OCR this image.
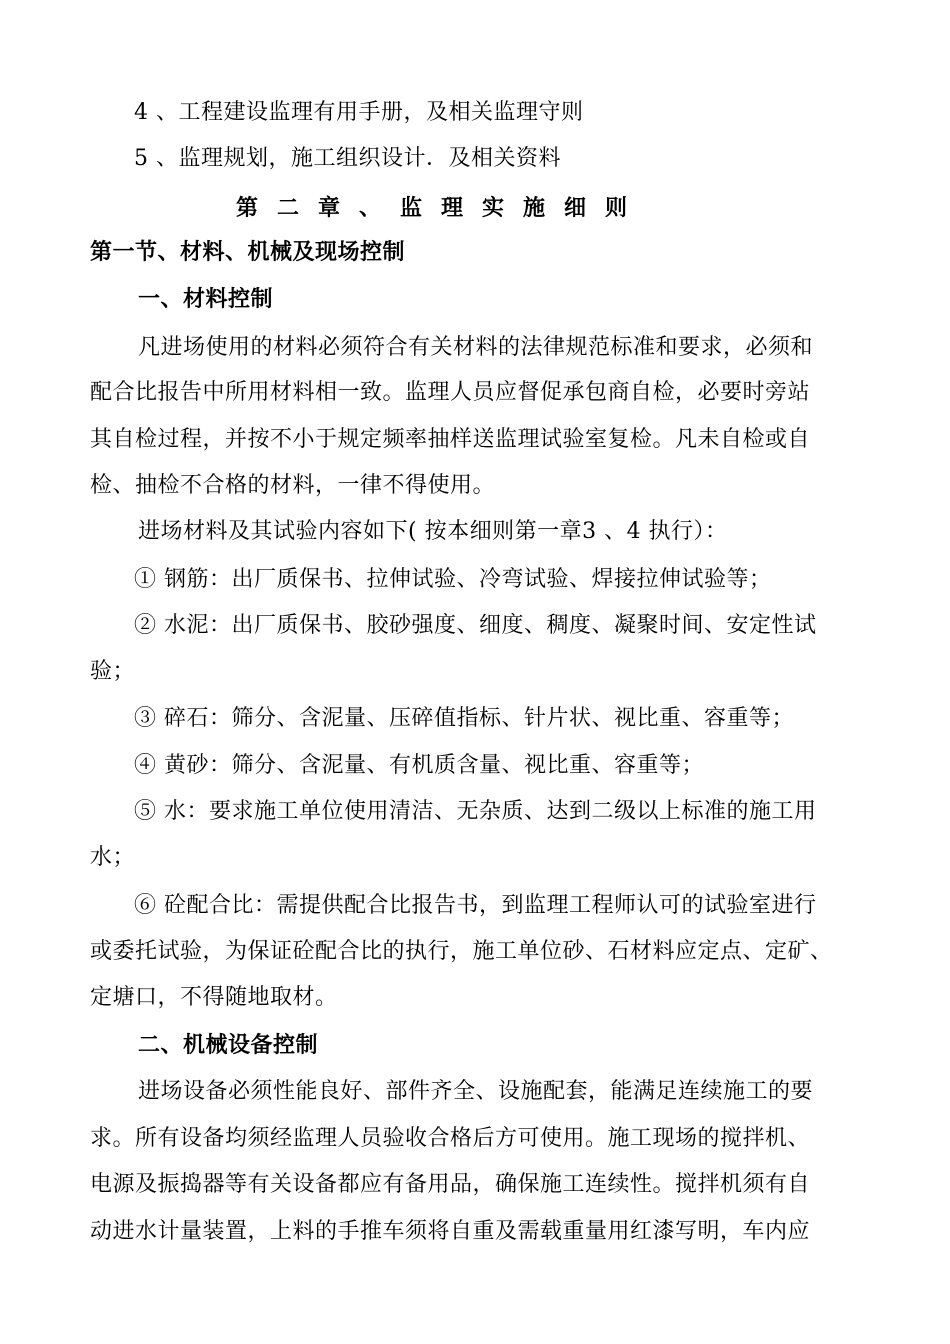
4 、工程建设监理有用手册，及相关监理守则
5 、监理规划，施工组织设计．及相关资料
第二章、监理实施细则
第一节、材料、机械及现场控制
一、材料控制
凡进场使用的材料必须符合有关材料的法律规范标准和要求，必须和
配合比报告中所用材料相一致。监理人员应督促承包商自检，必要时旁站
其自检过程，并按不小于规定频率抽样送监理试验室复检。凡未自检或自
检、抽检不合格的材料，一律不得使用。
进场材料及其试验内容如下( 按本细则第一章3 、4 执行）：
① 钢筋：出厂质保书、拉伸试验、冷弯试验、焊接拉伸试验等；
② 水泥：出厂质保书、胶砂强度、细度、稠度、凝聚时间、安定性试
验；
③ 碎石：筛分、含泥量、压碎值指标、针片状、视比重、容重等；
④ 黄砂：筛分、含泥量、有机质含量、视比重、容重等；
⑤ 水：要求施工单位使用清洁、无杂质、达到二级以上标准的施工用
水；
⑥ 砼配合比：需提供配合比报告书，到监理工程师认可的试验室进行
或委托试验，为保证砼配合比的执行，施工单位砂、石材料应定点、定矿、
定塘口，不得随地取材。
二、机械设备控制
进场设备必须性能良好、部件齐全、设施配套，能满足连续施工的要
求。所有设备均须经监理人员验收合格后方可使用。施工现场的搅拌机、
电源及振捣器等有关设备都应有备用品，确保施工连续性。搅拌机须有自
动进水计量装置，上料的手推车须将自重及需载重量用红漆写明，车内应
